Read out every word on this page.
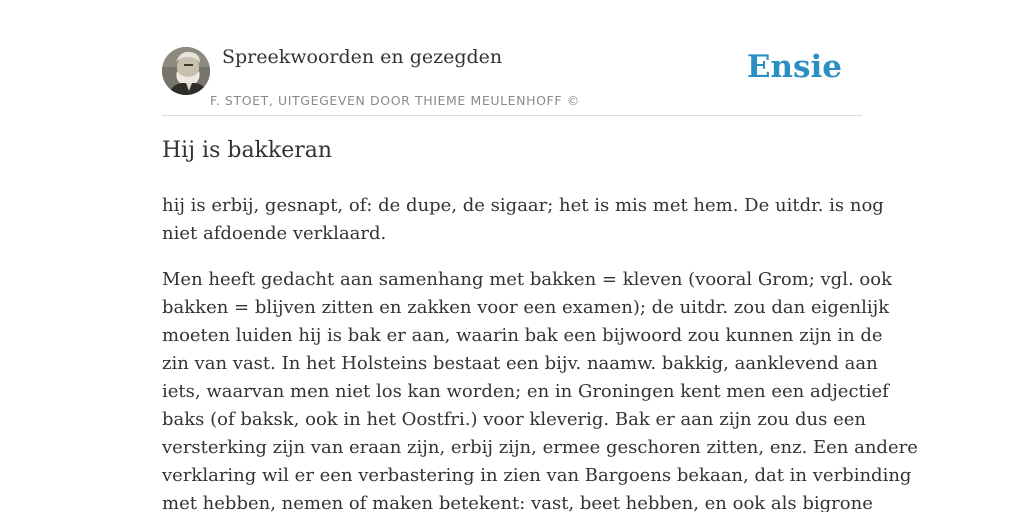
Spreekwoorden en gezegden
F. STOET, UITGEGEVEN DOOR THIEME MEULENHOFF ©
Ensie
Hij is bakkeran
hij is erbij, gesnapt, of: de dupe, de sigaar; het is mis met hem. De uitdr. is nog
niet afdoende verklaard.
Men heeft gedacht aan samenhang met bakken = kleven (vooral Grom; vgl. ook
bakken = blijven zitten en zakken voor een examen); de uitdr. zou dan eigenlijk
moeten luiden hij is bak er aan, waarin bak een bijwoord zou kunnen zijn in de
zin van vast. In het Holsteins bestaat een bijv. naamw. bakkig, aanklevend aan
iets, waarvan men niet los kan worden; en in Groningen kent men een adjectief
baks (of baksk, ook in het Oostfri.) voor kleverig. Bak er aan zijn zou dus een
versterking zijn van eraan zijn, erbij zijn, ermee geschoren zitten, enz. Een andere
verklaring wil er een verbastering in zien van Bargoens bekaan, dat in verbinding
met hebben, nemen of maken betekent: vast, beet hebben, en ook als bigrone
